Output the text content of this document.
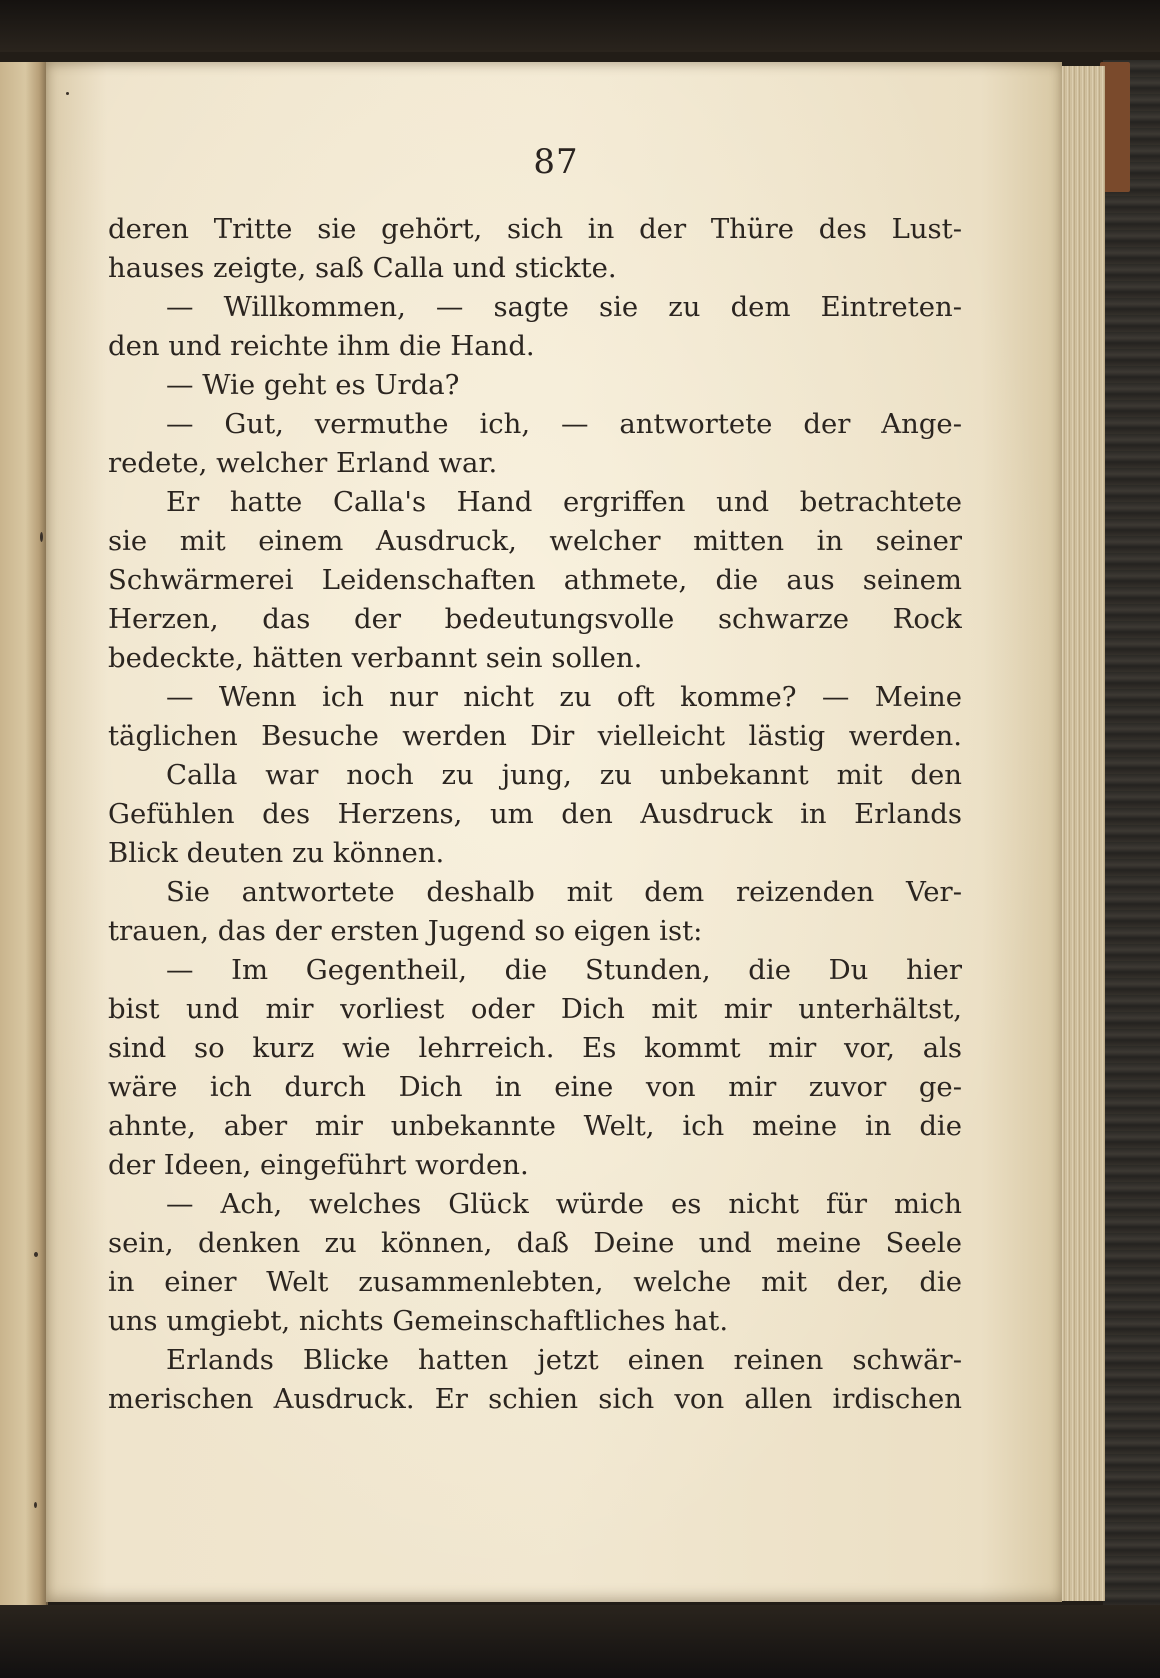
87
deren Tritte sie gehört, sich in der Thüre des Lust-
hauses zeigte, saß Calla und stickte.
— Willkommen, — sagte sie zu dem Eintreten-
den und reichte ihm die Hand.
— Wie geht es Urda?
— Gut, vermuthe ich, — antwortete der Ange-
redete, welcher Erland war.
Er hatte Calla's Hand ergriffen und betrachtete
sie mit einem Ausdruck, welcher mitten in seiner
Schwärmerei Leidenschaften athmete, die aus seinem
Herzen, das der bedeutungsvolle schwarze Rock
bedeckte, hätten verbannt sein sollen.
— Wenn ich nur nicht zu oft komme? — Meine
täglichen Besuche werden Dir vielleicht lästig werden.
Calla war noch zu jung, zu unbekannt mit den
Gefühlen des Herzens, um den Ausdruck in Erlands
Blick deuten zu können.
Sie antwortete deshalb mit dem reizenden Ver-
trauen, das der ersten Jugend so eigen ist:
— Im Gegentheil, die Stunden, die Du hier
bist und mir vorliest oder Dich mit mir unterhältst,
sind so kurz wie lehrreich. Es kommt mir vor, als
wäre ich durch Dich in eine von mir zuvor ge-
ahnte, aber mir unbekannte Welt, ich meine in die
der Ideen, eingeführt worden.
— Ach, welches Glück würde es nicht für mich
sein, denken zu können, daß Deine und meine Seele
in einer Welt zusammenlebten, welche mit der, die
uns umgiebt, nichts Gemeinschaftliches hat.
Erlands Blicke hatten jetzt einen reinen schwär-
merischen Ausdruck. Er schien sich von allen irdischen
